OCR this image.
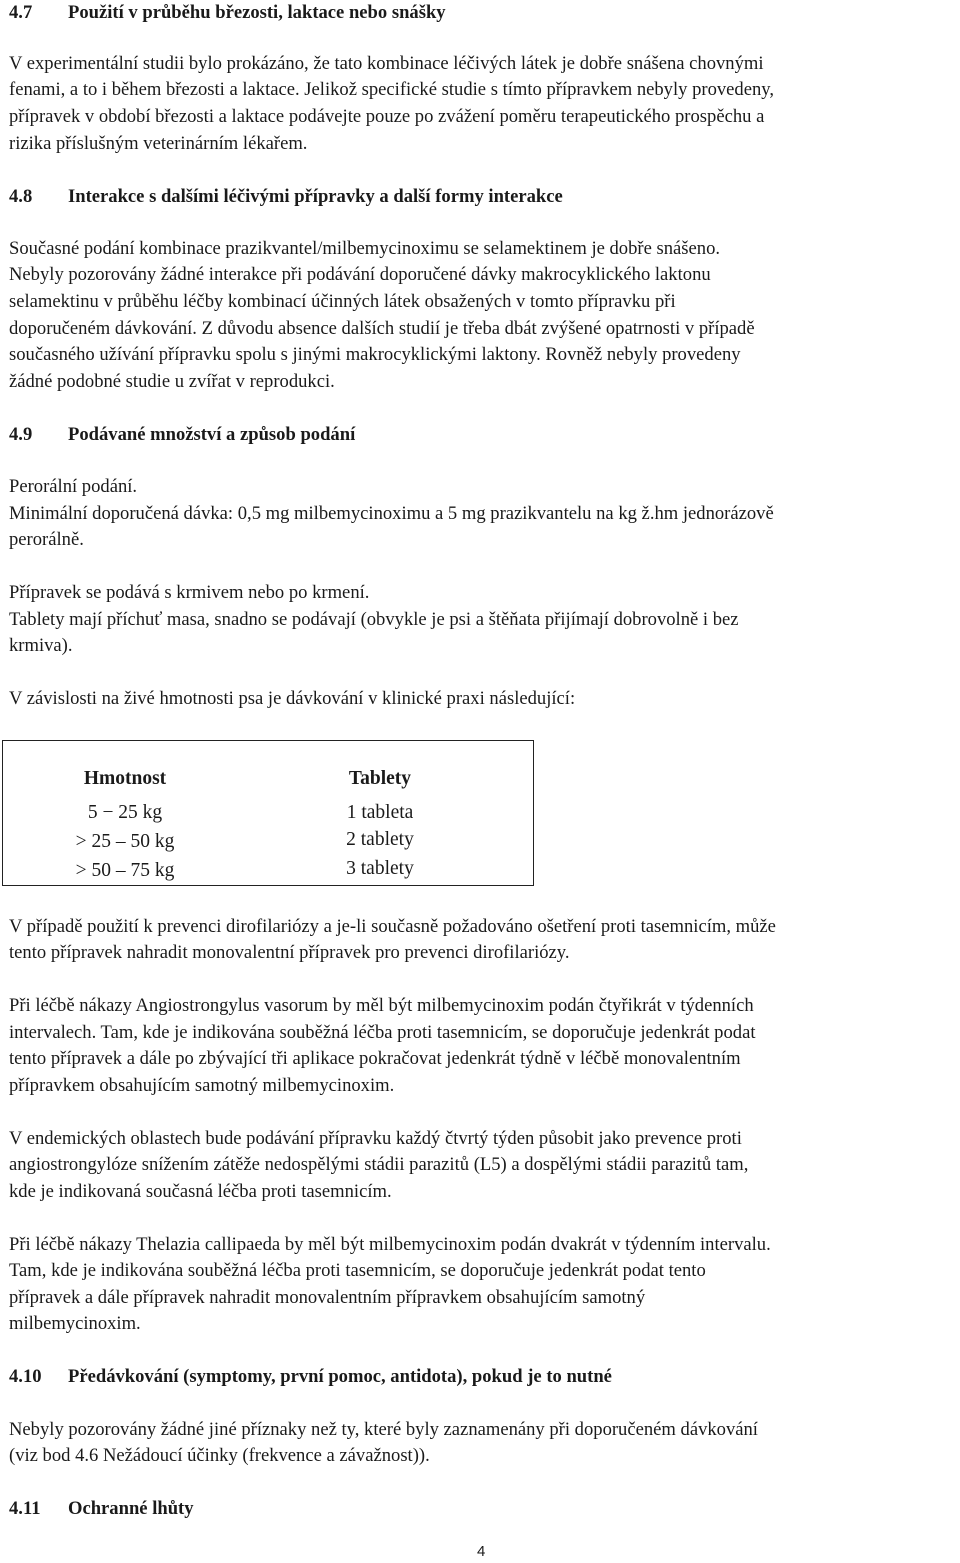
4.7 Použití v průběhu březosti, laktace nebo snášky

V experimentální studii bylo prokázáno, že tato kombinace léčivých látek je dobře snášena chovnými

fenami, a to i během březosti a laktace. Jelikož specifické studie s tímto přípravkem nebyly provedeny,

přípravek v období březosti a laktace podávejte pouze po zvážení poměru terapeutického prospěchu a

rizika příslušným veterinárním lékařem.

4.8 Interakce s dalšími léčivými přípravky a další formy interakce

Současné podání kombinace prazikvantel/milbemycinoximu se selamektinem je dobře snášeno.

Nebyly pozorovány žádné interakce při podávání doporučené dávky makrocyklického laktonu

selamektinu v průběhu léčby kombinací účinných látek obsažených v tomto přípravku při

doporučeném dávkování. Z důvodu absence dalších studií je třeba dbát zvýšené opatrnosti v případě

současného užívání přípravku spolu s jinými makrocyklickými laktony. Rovněž nebyly provedeny

žádné podobné studie u zvířat v reprodukci.

4.9 Podávané množství a způsob podání

Perorální podání.

Minimální doporučená dávka: 0,5 mg milbemycinoximu a 5 mg prazikvantelu na kg ž.hm jednorázově

perorálně.

Přípravek se podává s krmivem nebo po krmení.

Tablety mají příchuť masa, snadno se podávají (obvykle je psi a štěňata přijímají dobrovolně i bez

krmiva).

V závislosti na živé hmotnosti psa je dávkování v klinické praxi následující:

Hmotnost	Tablety
5 − 25 kg	1 tableta
> 25 – 50 kg	2 tablety
> 50 – 75 kg	3 tablety

V případě použití k prevenci dirofilariózy a je-li současně požadováno ošetření proti tasemnicím, může

tento přípravek nahradit monovalentní přípravek pro prevenci dirofilariózy.

Při léčbě nákazy Angiostrongylus vasorum by měl být milbemycinoxim podán čtyřikrát v týdenních

intervalech. Tam, kde je indikována souběžná léčba proti tasemnicím, se doporučuje jedenkrát podat

tento přípravek a dále po zbývající tři aplikace pokračovat jedenkrát týdně v léčbě monovalentním

přípravkem obsahujícím samotný milbemycinoxim.

V endemických oblastech bude podávání přípravku každý čtvrtý týden působit jako prevence proti

angiostrongylóze snížením zátěže nedospělými stádii parazitů (L5) a dospělými stádii parazitů tam,

kde je indikovaná současná léčba proti tasemnicím.

Při léčbě nákazy Thelazia callipaeda by měl být milbemycinoxim podán dvakrát v týdenním intervalu.

Tam, kde je indikována souběžná léčba proti tasemnicím, se doporučuje jedenkrát podat tento

přípravek a dále přípravek nahradit monovalentním přípravkem obsahujícím samotný

milbemycinoxim.

4.10 Předávkování (symptomy, první pomoc, antidota), pokud je to nutné

Nebyly pozorovány žádné jiné příznaky než ty, které byly zaznamenány při doporučeném dávkování

(viz bod 4.6 Nežádoucí účinky (frekvence a závažnost)).

4.11 Ochranné lhůty
4
